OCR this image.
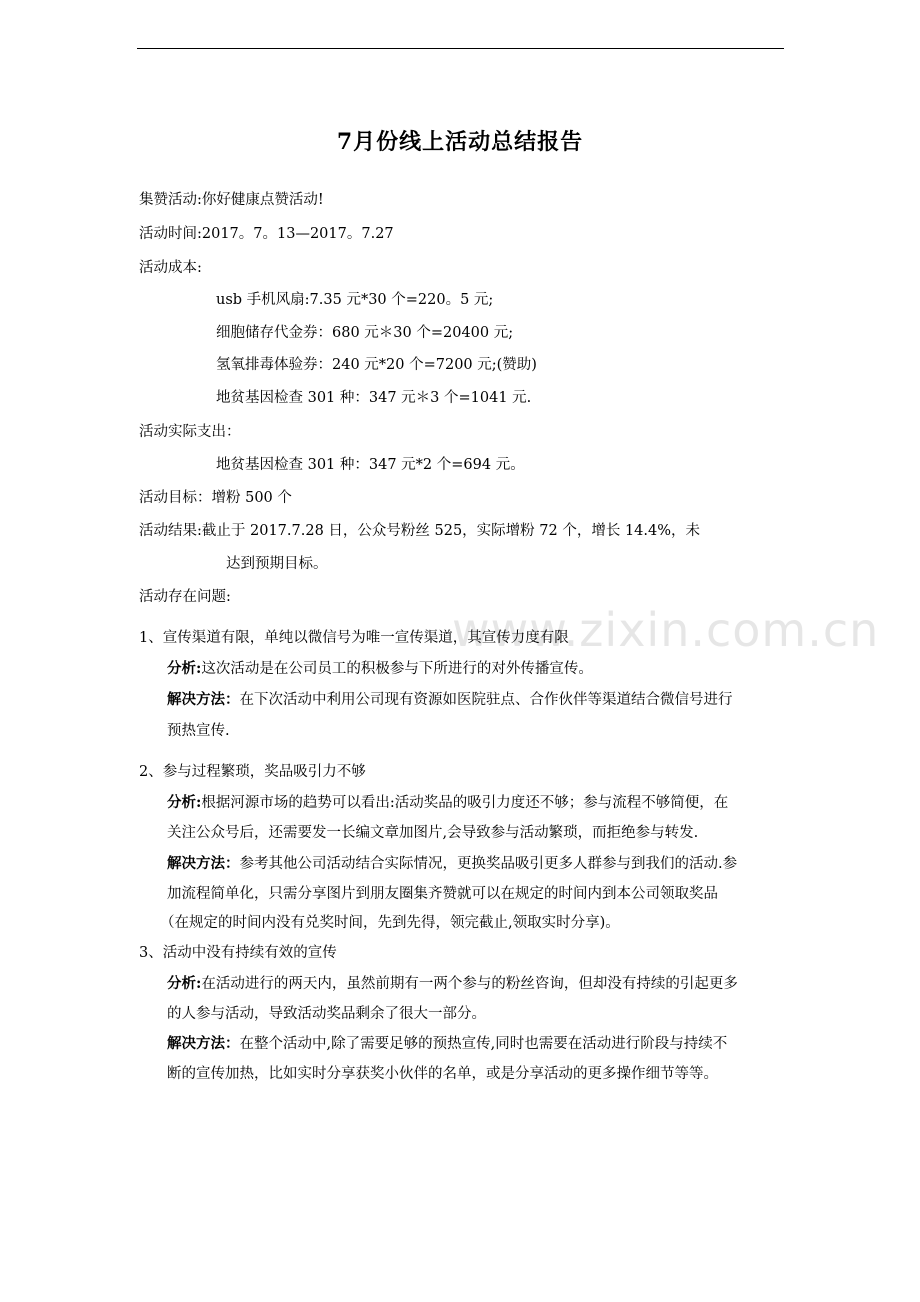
www.zixin.com.cn
7月份线上活动总结报告
集赞活动:你好健康点赞活动!
活动时间:2017。7。13—2017。7.27
活动成本:
usb 手机风扇:7.35 元*30 个=220。5 元;
细胞储存代金券：680 元＊30 个=20400 元;
氢氧排毒体验券：240 元*20 个=7200 元;(赞助)
地贫基因检查 301 种：347 元＊3 个=1041 元.
活动实际支出：
地贫基因检查 301 种：347 元*2 个=694 元。
活动目标：增粉 500 个
活动结果:截止于 2017.7.28 日，公众号粉丝 525，实际增粉 72 个，增长 14.4%，未
达到预期目标。
活动存在问题:
1、宣传渠道有限，单纯以微信号为唯一宣传渠道，其宣传力度有限
分析:这次活动是在公司员工的积极参与下所进行的对外传播宣传。
解决方法：在下次活动中利用公司现有资源如医院驻点、合作伙伴等渠道结合微信号进行
预热宣传.
2、参与过程繁琐，奖品吸引力不够
分析:根据河源市场的趋势可以看出:活动奖品的吸引力度还不够；参与流程不够简便，在
关注公众号后，还需要发一长编文章加图片,会导致参与活动繁琐，而拒绝参与转发.
解决方法：参考其他公司活动结合实际情况，更换奖品吸引更多人群参与到我们的活动.参
加流程简单化，只需分享图片到朋友圈集齐赞就可以在规定的时间内到本公司领取奖品
（在规定的时间内没有兑奖时间，先到先得，领完截止,领取实时分享)。
3、活动中没有持续有效的宣传
分析:在活动进行的两天内，虽然前期有一两个参与的粉丝咨询，但却没有持续的引起更多
的人参与活动，导致活动奖品剩余了很大一部分。
解决方法：在整个活动中,除了需要足够的预热宣传,同时也需要在活动进行阶段与持续不
断的宣传加热，比如实时分享获奖小伙伴的名单，或是分享活动的更多操作细节等等。
